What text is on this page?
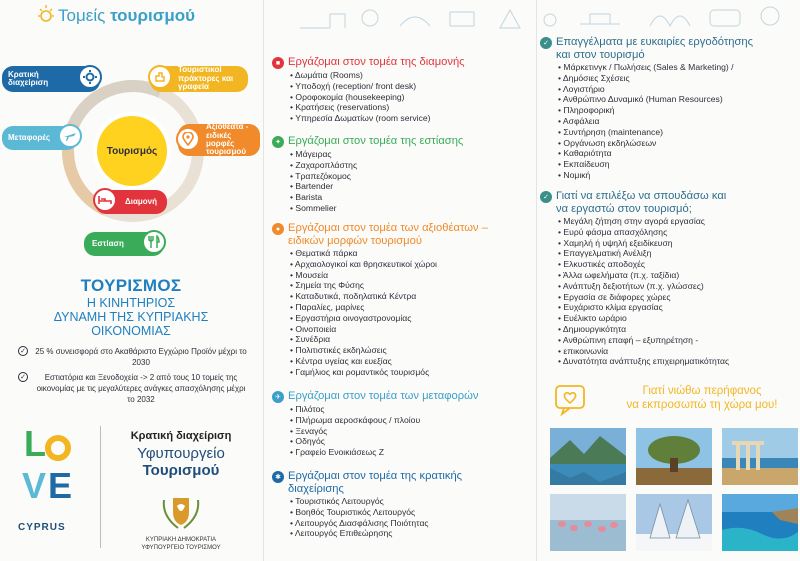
Τομείς τουρισμού
Τουρισμός
Κρατική διαχείριση
Τουριστικοί πράκτορες και γραφεία
Μεταφορές
Αξιοθέατα - ειδικές μορφές τουρισμού
Διαμονή
Εστίαση
ΤΟΥΡΙΣΜΟΣ
Η ΚΙΝΗΤΗΡΙΟΣ
ΔΥΝΑΜΗ ΤΗΣ ΚΥΠΡΙΑΚΗΣ
ΟΙΚΟΝΟΜΙΑΣ
✓ 25 % συνεισφορά στο Ακαθάριστο Εγχώριο Προϊόν μέχρι το 2030
✓	Εστιατόρια και Ξενοδοχεία -> 2 από τους 10 τομείς της οικονομίας με τις μεγαλύτερες ανάγκες απασχόλησης μέχρι το 2032
L
V E
CYPRUS
Κρατική διαχείριση
Υφυπουργείο
Τουρισμού
ΚΥΠΡΙΑΚΗ ΔΗΜΟΚΡΑΤΙΑ
ΥΦΥΠΟΥΡΓΕΙΟ ΤΟΥΡΙΣΜΟΥ
■ Εργάζομαι στον τομέα της διαμονής
• Δωμάτια (Rooms)
• Υποδοχή (reception/ front desk)
• Οροφοκομία (housekeeping)
• Κρατήσεις (reservations)
• Υπηρεσία Δωματίων (room service)
✦ Εργάζομαι στον τομέα της εστίασης
• Μάγειρας
• Ζαχαροπλάστης
• Τραπεζόκομος
• Bartender
• Barista
• Sommelier
● Εργάζομαι στον τομέα των αξιοθέατων –
ειδικών μορφών τουρισμού
• Θεματικά πάρκα
• Αρχαιολογικοί και θρησκευτικοί χώροι
• Μουσεία
• Σημεία της Φύσης
• Καταδυτικά, ποδηλατικά Κέντρα
• Παραλίες, μαρίνες
• Εργαστήρια οινογαστρονομίας
• Οινοποιεία
• Συνέδρια
• Πολιτιστικές εκδηλώσεις
• Κέντρα υγείας και ευεξίας
• Γαμήλιος και ρομαντικός τουρισμός
✈ Εργάζομαι στον τομέα των μεταφορών
• Πιλότος
• Πλήρωμα αεροσκάφους / πλοίου
• Ξεναγός
• Οδηγός
• Γραφείο Ενοικιάσεως Ζ
✱ Εργάζομαι στον τομέα της κρατικής
διαχείρισης
• Τουριστικός Λειτουργός
• Βοηθός Τουριστικός Λειτουργός
• Λειτουργός Διασφάλισης Ποιότητας
• Λειτουργός Επιθεώρησης
✓ Επαγγέλματα με ευκαιρίες εργοδότησης
και στον τουρισμό
• Μάρκετινγκ / Πωλήσεις (Sales & Marketing) /
• Δημόσιες Σχέσεις
• Λογιστήριο
• Ανθρώπινο Δυναμικό (Human Resources)
• Πληροφορική
• Ασφάλεια
• Συντήρηση (maintenance)
• Οργάνωση εκδηλώσεων
• Καθαριότητα
• Εκπαίδευση
• Νομική
✓ Γιατί να επιλέξω να σπουδάσω και
να εργαστώ στον τουρισμό;
• Μεγάλη ζήτηση στην αγορά εργασίας
• Ευρύ φάσμα απασχόλησης
• Χαμηλή ή υψηλή εξειδίκευση
• Επαγγελματική Ανέλιξη
• Ελκυστικές αποδοχές
• Άλλα ωφελήματα (π.χ. ταξίδια)
• Ανάπτυξη δεξιοτήτων (π.χ. γλώσσες)
• Εργασία σε διάφορες χώρες
• Ευχάριστο κλίμα εργασίας
• Ευέλικτο ωράριο
• Δημιουργικότητα
• Ανθρώπινη επαφή – εξυπηρέτηση -
• επικοινωνία
• Δυνατότητα ανάπτυξης επιχειρηματικότητας
Γιατί νιώθω περήφανος
να εκπροσωπώ τη χώρα μου!
